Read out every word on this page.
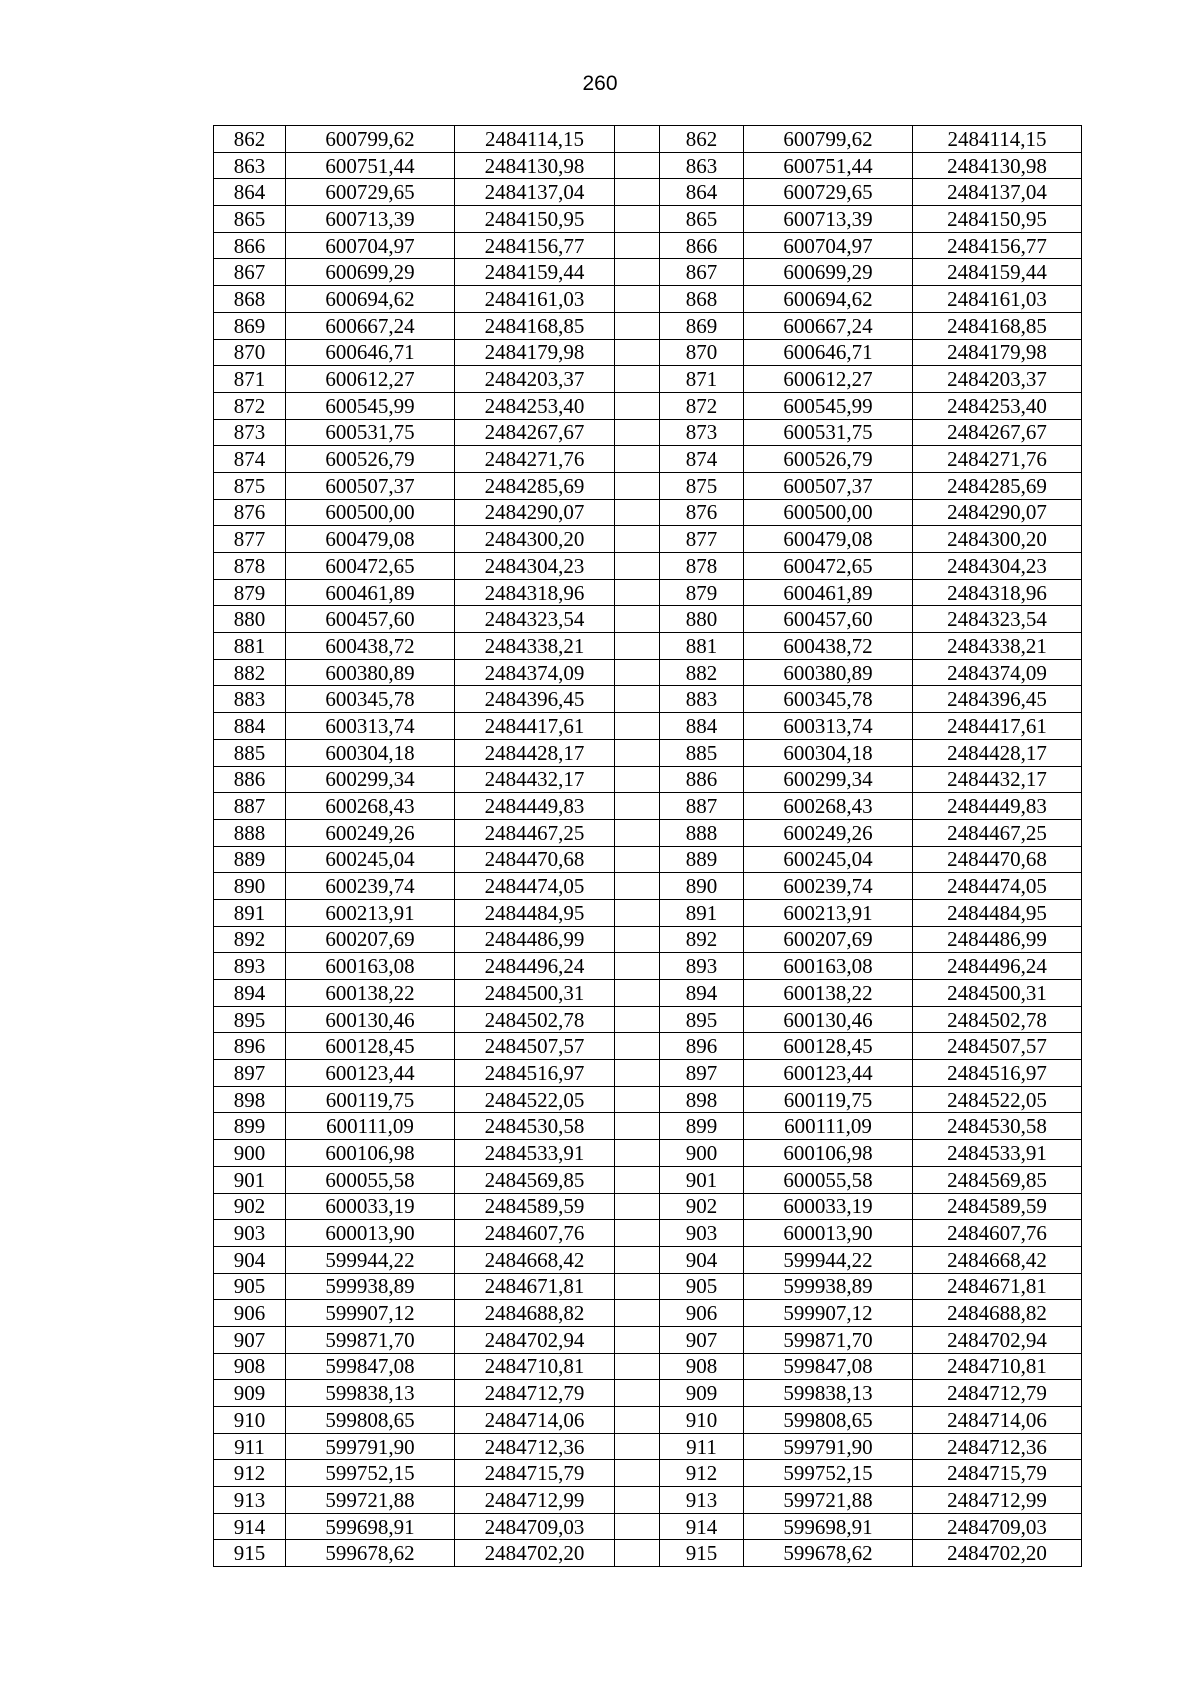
260
862	600799,62	2484114,15		862	600799,62	2484114,15
863	600751,44	2484130,98		863	600751,44	2484130,98
864	600729,65	2484137,04		864	600729,65	2484137,04
865	600713,39	2484150,95		865	600713,39	2484150,95
866	600704,97	2484156,77		866	600704,97	2484156,77
867	600699,29	2484159,44		867	600699,29	2484159,44
868	600694,62	2484161,03		868	600694,62	2484161,03
869	600667,24	2484168,85		869	600667,24	2484168,85
870	600646,71	2484179,98		870	600646,71	2484179,98
871	600612,27	2484203,37		871	600612,27	2484203,37
872	600545,99	2484253,40		872	600545,99	2484253,40
873	600531,75	2484267,67		873	600531,75	2484267,67
874	600526,79	2484271,76		874	600526,79	2484271,76
875	600507,37	2484285,69		875	600507,37	2484285,69
876	600500,00	2484290,07		876	600500,00	2484290,07
877	600479,08	2484300,20		877	600479,08	2484300,20
878	600472,65	2484304,23		878	600472,65	2484304,23
879	600461,89	2484318,96		879	600461,89	2484318,96
880	600457,60	2484323,54		880	600457,60	2484323,54
881	600438,72	2484338,21		881	600438,72	2484338,21
882	600380,89	2484374,09		882	600380,89	2484374,09
883	600345,78	2484396,45		883	600345,78	2484396,45
884	600313,74	2484417,61		884	600313,74	2484417,61
885	600304,18	2484428,17		885	600304,18	2484428,17
886	600299,34	2484432,17		886	600299,34	2484432,17
887	600268,43	2484449,83		887	600268,43	2484449,83
888	600249,26	2484467,25		888	600249,26	2484467,25
889	600245,04	2484470,68		889	600245,04	2484470,68
890	600239,74	2484474,05		890	600239,74	2484474,05
891	600213,91	2484484,95		891	600213,91	2484484,95
892	600207,69	2484486,99		892	600207,69	2484486,99
893	600163,08	2484496,24		893	600163,08	2484496,24
894	600138,22	2484500,31		894	600138,22	2484500,31
895	600130,46	2484502,78		895	600130,46	2484502,78
896	600128,45	2484507,57		896	600128,45	2484507,57
897	600123,44	2484516,97		897	600123,44	2484516,97
898	600119,75	2484522,05		898	600119,75	2484522,05
899	600111,09	2484530,58		899	600111,09	2484530,58
900	600106,98	2484533,91		900	600106,98	2484533,91
901	600055,58	2484569,85		901	600055,58	2484569,85
902	600033,19	2484589,59		902	600033,19	2484589,59
903	600013,90	2484607,76		903	600013,90	2484607,76
904	599944,22	2484668,42		904	599944,22	2484668,42
905	599938,89	2484671,81		905	599938,89	2484671,81
906	599907,12	2484688,82		906	599907,12	2484688,82
907	599871,70	2484702,94		907	599871,70	2484702,94
908	599847,08	2484710,81		908	599847,08	2484710,81
909	599838,13	2484712,79		909	599838,13	2484712,79
910	599808,65	2484714,06		910	599808,65	2484714,06
911	599791,90	2484712,36		911	599791,90	2484712,36
912	599752,15	2484715,79		912	599752,15	2484715,79
913	599721,88	2484712,99		913	599721,88	2484712,99
914	599698,91	2484709,03		914	599698,91	2484709,03
915	599678,62	2484702,20		915	599678,62	2484702,20
